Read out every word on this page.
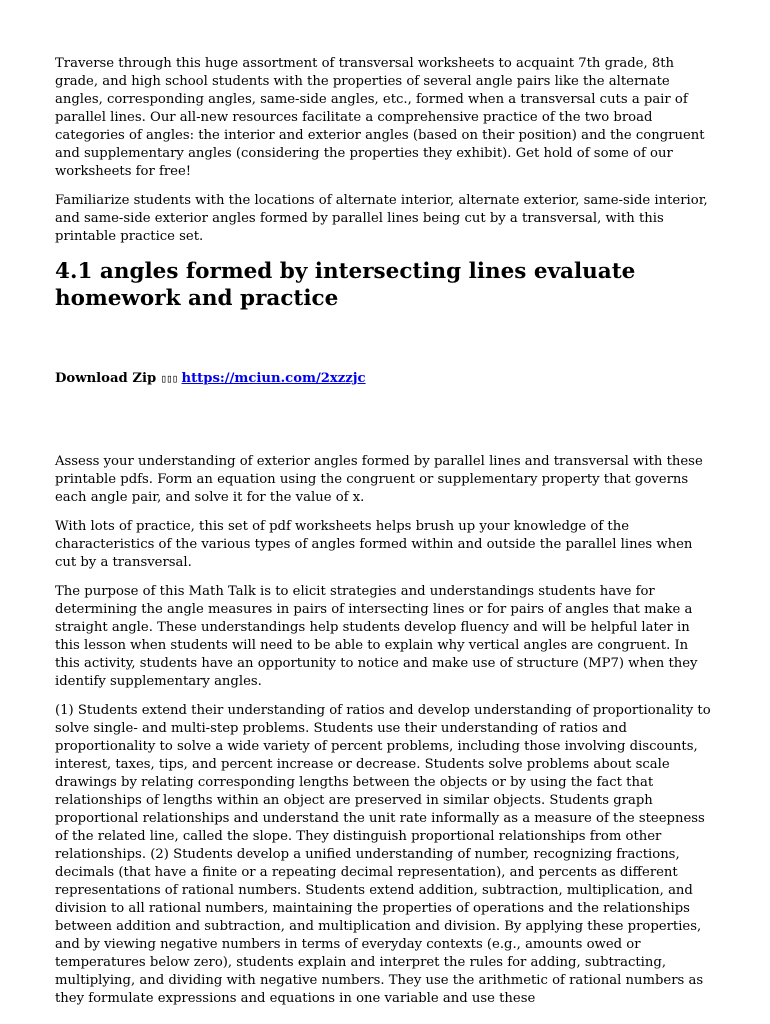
Traverse through this huge assortment of transversal worksheets to acquaint 7th grade, 8th grade, and high school students with the properties of several angle pairs like the alternate angles, corresponding angles, same-side angles, etc., formed when a transversal cuts a pair of parallel lines. Our all-new resources facilitate a comprehensive practice of the two broad categories of angles: the interior and exterior angles (based on their position) and the congruent and supplementary angles (considering the properties they exhibit). Get hold of some of our worksheets for free!

Familiarize students with the locations of alternate interior, alternate exterior, same-side interior, and same-side exterior angles formed by parallel lines being cut by a transversal, with this printable practice set.

4.1 angles formed by intersecting lines evaluate homework and practice
Download Zip ▯▯▯ https://mciun.com/2xzzjc

Assess your understanding of exterior angles formed by parallel lines and transversal with these printable pdfs. Form an equation using the congruent or supplementary property that governs each angle pair, and solve it for the value of x.

With lots of practice, this set of pdf worksheets helps brush up your knowledge of the characteristics of the various types of angles formed within and outside the parallel lines when cut by a transversal.

The purpose of this Math Talk is to elicit strategies and understandings students have for determining the angle measures in pairs of intersecting lines or for pairs of angles that make a straight angle. These understandings help students develop fluency and will be helpful later in this lesson when students will need to be able to explain why vertical angles are congruent. In this activity, students have an opportunity to notice and make use of structure (MP7) when they identify supplementary angles.

(1) Students extend their understanding of ratios and develop understanding of proportionality to solve single- and multi-step problems. Students use their understanding of ratios and proportionality to solve a wide variety of percent problems, including those involving discounts, interest, taxes, tips, and percent increase or decrease. Students solve problems about scale drawings by relating corresponding lengths between the objects or by using the fact that relationships of lengths within an object are preserved in similar objects. Students graph proportional relationships and understand the unit rate informally as a measure of the steepness of the related line, called the slope. They distinguish proportional relationships from other relationships. (2) Students develop a unified understanding of number, recognizing fractions, decimals (that have a finite or a repeating decimal representation), and percents as different representations of rational numbers. Students extend addition, subtraction, multiplication, and division to all rational numbers, maintaining the properties of operations and the relationships between addition and subtraction, and multiplication and division. By applying these properties, and by viewing negative numbers in terms of everyday contexts (e.g., amounts owed or temperatures below zero), students explain and interpret the rules for adding, subtracting, multiplying, and dividing with negative numbers. They use the arithmetic of rational numbers as they formulate expressions and equations in one variable and use these
